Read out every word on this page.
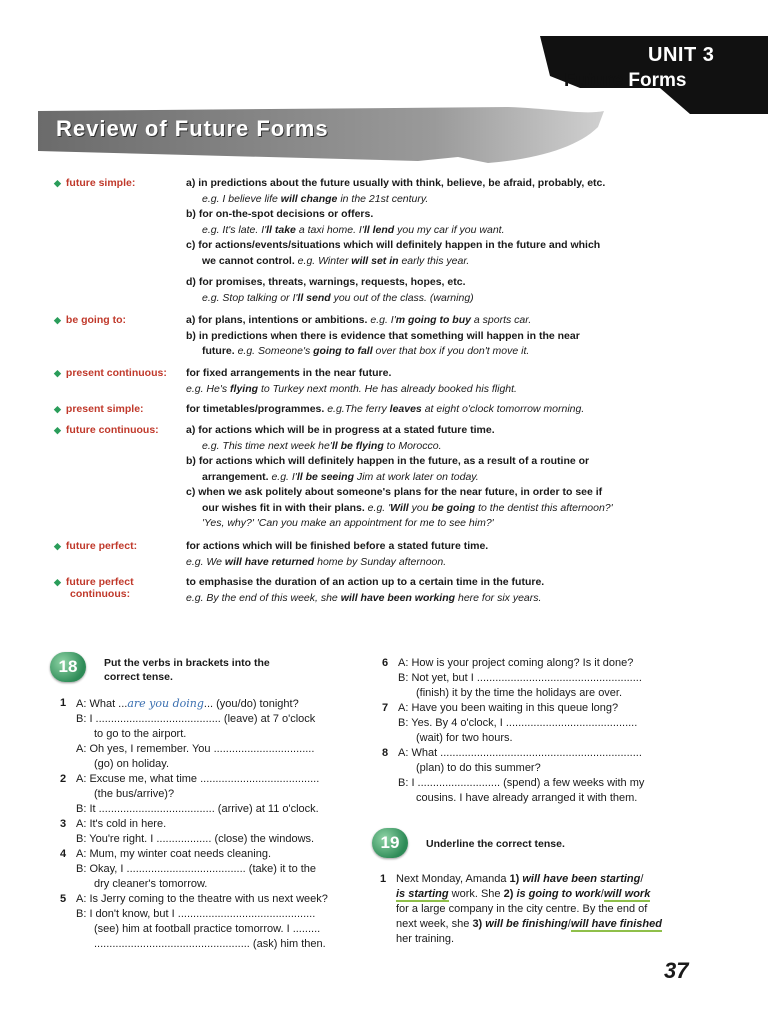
UNIT 3
Future Forms
Review of Future Forms
◆ future simple:	a) in predictions about the future usually with think, believe, be afraid, probably, etc.

e.g. I believe life will change in the 21st century.

b) for on-the-spot decisions or offers.

e.g. It's late. I'll take a taxi home. I'll lend you my car if you want.

c) for actions/events/situations which will definitely happen in the future and which

we cannot control. e.g. Winter will set in early this year.

d) for promises, threats, warnings, requests, hopes, etc.

e.g. Stop talking or I'll send you out of the class. (warning)

◆ be going to:	a) for plans, intentions or ambitions. e.g. I'm going to buy a sports car.

b) in predictions when there is evidence that something will happen in the near

future. e.g. Someone's going to fall over that box if you don't move it.

◆ present continuous: for fixed arrangements in the near future.

e.g. He's flying to Turkey next month. He has already booked his flight.

◆ present simple:	for timetables/programmes. e.g.The ferry leaves at eight o'clock tomorrow morning.

◆ future continuous:	a) for actions which will be in progress at a stated future time.

e.g. This time next week he'll be flying to Morocco.

b) for actions which will definitely happen in the future, as a result of a routine or

arrangement. e.g. I'll be seeing Jim at work later on today.

c) when we ask politely about someone's plans for the near future, in order to see if

our wishes fit in with their plans. e.g. 'Will you be going to the dentist this afternoon?'

'Yes, why?' 'Can you make an appointment for me to see him?'

◆ future perfect:	for actions which will be finished before a stated future time.

e.g. We will have returned home by Sunday afternoon.

◆ future perfect
continuous:

to emphasise the duration of an action up to a certain time in the future.

e.g. By the end of this week, she will have been working here for six years.

18	Put the verbs in brackets into the
correct tense.
1 A: What ...are you doing... (you/do) tonight?
B: I ......................................... (leave) at 7 o'clock
to go to the airport.
A: Oh yes, I remember. You .................................
(go) on holiday.
2 A: Excuse me, what time .......................................
(the bus/arrive)?
B: It ...................................... (arrive) at 11 o'clock.
3 A: It's cold in here.
B: You're right. I .................. (close) the windows.
4 A: Mum, my winter coat needs cleaning.
B: Okay, I ....................................... (take) it to the
dry cleaner's tomorrow.
5 A: Is Jerry coming to the theatre with us next week?
B: I don't know, but I .............................................
(see) him at football practice tomorrow. I .........
................................................... (ask) him then.
6 A: How is your project coming along? Is it done?
B: Not yet, but I ......................................................
(finish) it by the time the holidays are over.
7 A: Have you been waiting in this queue long?
B: Yes. By 4 o'clock, I ...........................................
(wait) for two hours.
8 A: What ..................................................................
(plan) to do this summer?
B: I ........................... (spend) a few weeks with my
cousins. I have already arranged it with them.
19	Underline the correct tense.
1 Next Monday, Amanda 1) will have been starting/
is starting work. She 2) is going to work/will work
for a large company in the city centre. By the end of
next week, she 3) will be finishing/will have finished
her training.
37
